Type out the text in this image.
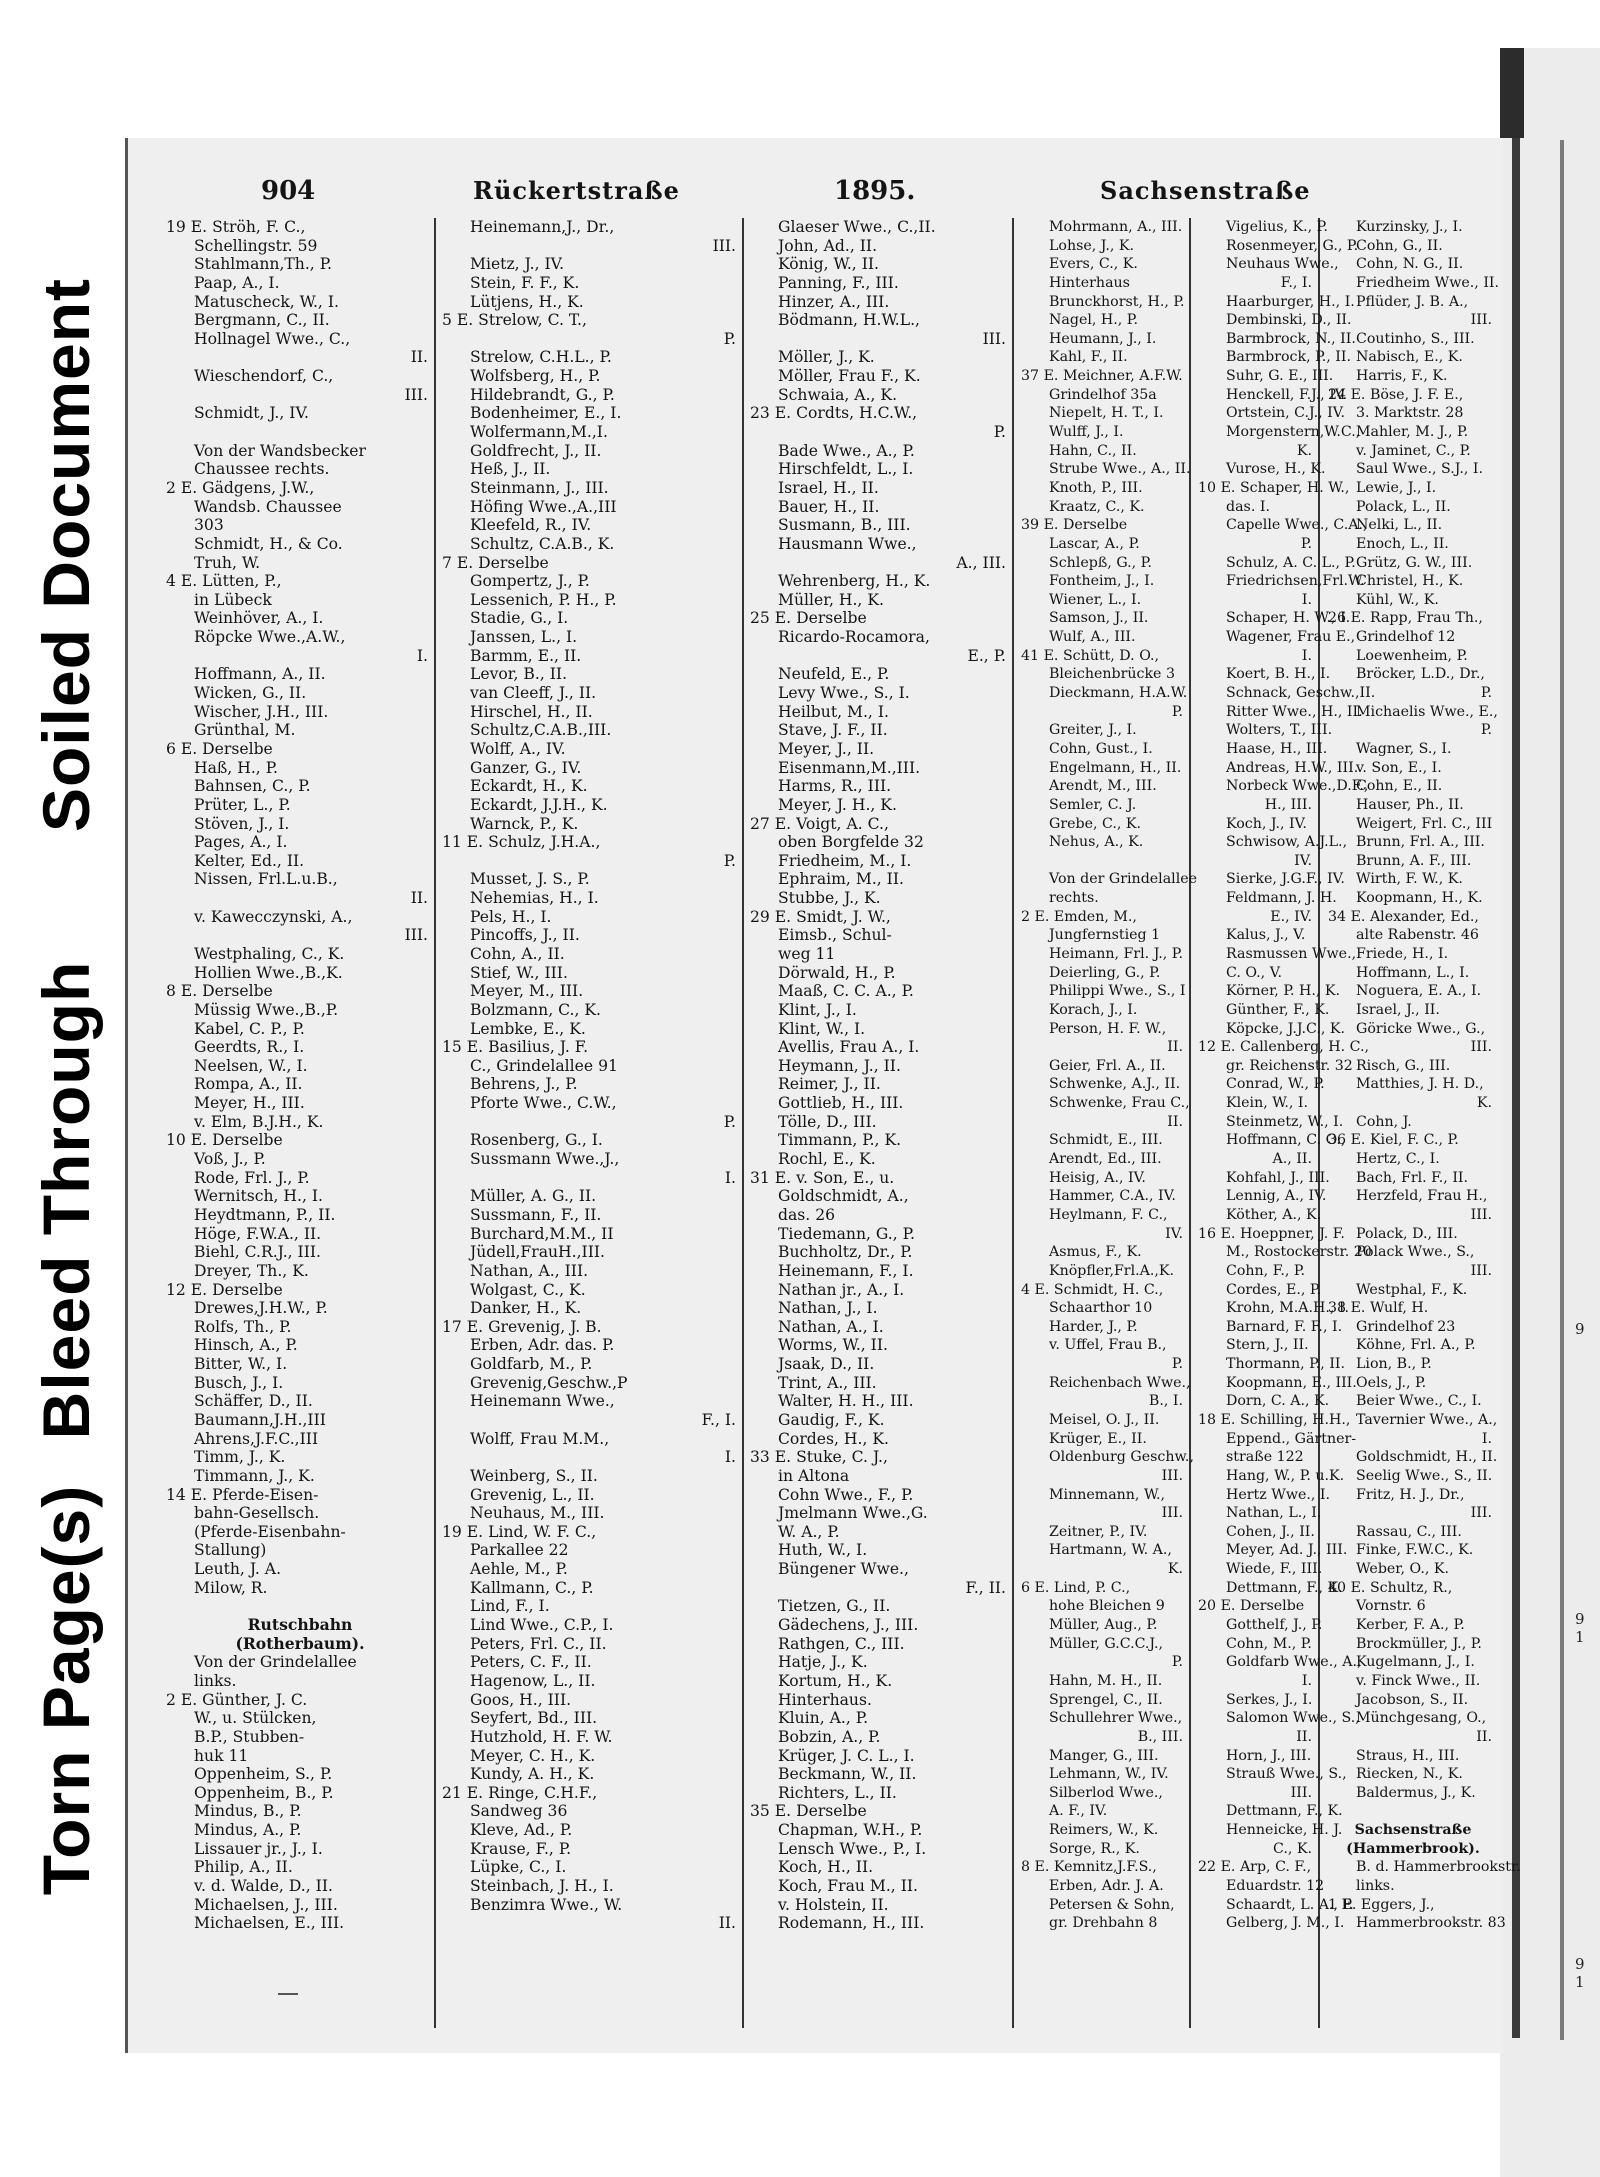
Soiled Document
Bleed Through
Torn Page(s)
9
9
1
9
1
904	Rückertstraße	1895.	Sachsenstraße
19 E. Ströh, F. C.,
Schellingstr. 59
Stahlmann,Th., P.
Paap, A., I.
Matuscheck, W., I.
Bergmann, C., II.
Hollnagel Wwe., C.,
II.
Wieschendorf, C.,
III.
Schmidt, J., IV.
Von der Wandsbecker
Chaussee rechts.
2 E. Gädgens, J.W.,
Wandsb. Chaussee
303
Schmidt, H., & Co.
Truh, W.
4 E. Lütten, P.,
in Lübeck
Weinhöver, A., I.
Röpcke Wwe.,A.W.,
I.
Hoffmann, A., II.
Wicken, G., II.
Wischer, J.H., III.
Grünthal, M.
6 E. Derselbe
Haß, H., P.
Bahnsen, C., P.
Prüter, L., P.
Stöven, J., I.
Pages, A., I.
Kelter, Ed., II.
Nissen, Frl.L.u.B.,
II.
v. Kawecczynski, A.,
III.
Westphaling, C., K.
Hollien Wwe.,B.,K.
8 E. Derselbe
Müssig Wwe.,B.,P.
Kabel, C. P., P.
Geerdts, R., I.
Neelsen, W., I.
Rompa, A., II.
Meyer, H., III.
v. Elm, B.J.H., K.
10 E. Derselbe
Voß, J., P.
Rode, Frl. J., P.
Wernitsch, H., I.
Heydtmann, P., II.
Höge, F.W.A., II.
Biehl, C.R.J., III.
Dreyer, Th., K.
12 E. Derselbe
Drewes,J.H.W., P.
Rolfs, Th., P.
Hinsch, A., P.
Bitter, W., I.
Busch, J., I.
Schäffer, D., II.
Baumann,J.H.,III
Ahrens,J.F.C.,III
Timm, J., K.
Timmann, J., K.
14 E. Pferde-Eisen-
bahn-Gesellsch.
(Pferde-Eisenbahn-
Stallung)
Leuth, J. A.
Milow, R.
Rutschbahn
(Rotherbaum).
Von der Grindelallee
links.
2 E. Günther, J. C.
W., u. Stülcken,
B.P., Stubben-
huk 11
Oppenheim, S., P.
Oppenheim, B., P.
Mindus, B., P.
Mindus, A., P.
Lissauer jr., J., I.
Philip, A., II.
v. d. Walde, D., II.
Michaelsen, J., III.
Michaelsen, E., III.
Heinemann,J., Dr.,
III.
Mietz, J., IV.
Stein, F. F., K.
Lütjens, H., K.
5 E. Strelow, C. T.,
P.
Strelow, C.H.L., P.
Wolfsberg, H., P.
Hildebrandt, G., P.
Bodenheimer, E., I.
Wolfermann,M.,I.
Goldfrecht, J., II.
Heß, J., II.
Steinmann, J., III.
Höfing Wwe.,A.,III
Kleefeld, R., IV.
Schultz, C.A.B., K.
7 E. Derselbe
Gompertz, J., P.
Lessenich, P. H., P.
Stadie, G., I.
Janssen, L., I.
Barmm, E., II.
Levor, B., II.
van Cleeff, J., II.
Hirschel, H., II.
Schultz,C.A.B.,III.
Wolff, A., IV.
Ganzer, G., IV.
Eckardt, H., K.
Eckardt, J.J.H., K.
Warnck, P., K.
11 E. Schulz, J.H.A.,
P.
Musset, J. S., P.
Nehemias, H., I.
Pels, H., I.
Pincoffs, J., II.
Cohn, A., II.
Stief, W., III.
Meyer, M., III.
Bolzmann, C., K.
Lembke, E., K.
15 E. Basilius, J. F.
C., Grindelallee 91
Behrens, J., P.
Pforte Wwe., C.W.,
P.
Rosenberg, G., I.
Sussmann Wwe.,J.,
I.
Müller, A. G., II.
Sussmann, F., II.
Burchard,M.M., II
Jüdell,FrauH.,III.
Nathan, A., III.
Wolgast, C., K.
Danker, H., K.
17 E. Grevenig, J. B.
Erben, Adr. das. P.
Goldfarb, M., P.
Grevenig,Geschw.,P
Heinemann Wwe.,
F., I.
Wolff, Frau M.M.,
I.
Weinberg, S., II.
Grevenig, L., II.
Neuhaus, M., III.
19 E. Lind, W. F. C.,
Parkallee 22
Aehle, M., P.
Kallmann, C., P.
Lind, F., I.
Lind Wwe., C.P., I.
Peters, Frl. C., II.
Peters, C. F., II.
Hagenow, L., II.
Goos, H., III.
Seyfert, Bd., III.
Hutzhold, H. F. W.
Meyer, C. H., K.
Kundy, A. H., K.
21 E. Ringe, C.H.F.,
Sandweg 36
Kleve, Ad., P.
Krause, F., P.
Lüpke, C., I.
Steinbach, J. H., I.
Benzimra Wwe., W.
II.
Glaeser Wwe., C.,II.
John, Ad., II.
König, W., II.
Panning, F., III.
Hinzer, A., III.
Bödmann, H.W.L.,
III.
Möller, J., K.
Möller, Frau F., K.
Schwaia, A., K.
23 E. Cordts, H.C.W.,
P.
Bade Wwe., A., P.
Hirschfeldt, L., I.
Israel, H., II.
Bauer, H., II.
Susmann, B., III.
Hausmann Wwe.,
A., III.
Wehrenberg, H., K.
Müller, H., K.
25 E. Derselbe
Ricardo-Rocamora,
E., P.
Neufeld, E., P.
Levy Wwe., S., I.
Heilbut, M., I.
Stave, J. F., II.
Meyer, J., II.
Eisenmann,M.,III.
Harms, R., III.
Meyer, J. H., K.
27 E. Voigt, A. C.,
oben Borgfelde 32
Friedheim, M., I.
Ephraim, M., II.
Stubbe, J., K.
29 E. Smidt, J. W.,
Eimsb., Schul-
weg 11
Dörwald, H., P.
Maaß, C. C. A., P.
Klint, J., I.
Klint, W., I.
Avellis, Frau A., I.
Heymann, J., II.
Reimer, J., II.
Gottlieb, H., III.
Tölle, D., III.
Timmann, P., K.
Rochl, E., K.
31 E. v. Son, E., u.
Goldschmidt, A.,
das. 26
Tiedemann, G., P.
Buchholtz, Dr., P.
Heinemann, F., I.
Nathan jr., A., I.
Nathan, J., I.
Nathan, A., I.
Worms, W., II.
Jsaak, D., II.
Trint, A., III.
Walter, H. H., III.
Gaudig, F., K.
Cordes, H., K.
33 E. Stuke, C. J.,
in Altona
Cohn Wwe., F., P.
Jmelmann Wwe.,G.
W. A., P.
Huth, W., I.
Büngener Wwe.,
F., II.
Tietzen, G., II.
Gädechens, J., III.
Rathgen, C., III.
Hatje, J., K.
Kortum, H., K.
Hinterhaus.
Kluin, A., P.
Bobzin, A., P.
Krüger, J. C. L., I.
Beckmann, W., II.
Richters, L., II.
35 E. Derselbe
Chapman, W.H., P.
Lensch Wwe., P., I.
Koch, H., II.
Koch, Frau M., II.
v. Holstein, II.
Rodemann, H., III.
Mohrmann, A., III.
Lohse, J., K.
Evers, C., K.
Hinterhaus
Brunckhorst, H., P.
Nagel, H., P.
Heumann, J., I.
Kahl, F., II.
37 E. Meichner, A.F.W.
Grindelhof 35a
Niepelt, H. T., I.
Wulff, J., I.
Hahn, C., II.
Strube Wwe., A., II.
Knoth, P., III.
Kraatz, C., K.
39 E. Derselbe
Lascar, A., P.
Schlepß, G., P.
Fontheim, J., I.
Wiener, L., I.
Samson, J., II.
Wulf, A., III.
41 E. Schütt, D. O.,
Bleichenbrücke 3
Dieckmann, H.A.W.
P.
Greiter, J., I.
Cohn, Gust., I.
Engelmann, H., II.
Arendt, M., III.
Semler, C. J.
Grebe, C., K.
Nehus, A., K.
Von der Grindelallee
rechts.
2 E. Emden, M.,
Jungfernstieg 1
Heimann, Frl. J., P.
Deierling, G., P.
Philippi Wwe., S., I
Korach, J., I.
Person, H. F. W.,
II.
Geier, Frl. A., II.
Schwenke, A.J., II.
Schwenke, Frau C.,
II.
Schmidt, E., III.
Arendt, Ed., III.
Heisig, A., IV.
Hammer, C.A., IV.
Heylmann, F. C.,
IV.
Asmus, F., K.
Knöpfler,Frl.A.,K.
4 E. Schmidt, H. C.,
Schaarthor 10
Harder, J., P.
v. Uffel, Frau B.,
P.
Reichenbach Wwe.,
B., I.
Meisel, O. J., II.
Krüger, E., II.
Oldenburg Geschw.,
III.
Minnemann, W.,
III.
Zeitner, P., IV.
Hartmann, W. A.,
K.
6 E. Lind, P. C.,
hohe Bleichen 9
Müller, Aug., P.
Müller, G.C.C.J.,
P.
Hahn, M. H., II.
Sprengel, C., II.
Schullehrer Wwe.,
B., III.
Manger, G., III.
Lehmann, W., IV.
Silberlod Wwe.,
A. F., IV.
Reimers, W., K.
Sorge, R., K.
8 E. Kemnitz,J.F.S.,
Erben, Adr. J. A.
Petersen & Sohn,
gr. Drehbahn 8
Vigelius, K., P.
Rosenmeyer, G., P.
Neuhaus Wwe.,
F., I.
Haarburger, H., I.
Dembinski, D., II.
Barmbrock, N., II.
Barmbrock, P., II.
Suhr, G. E., III.
Henckell, F.J., IV.
Ortstein, C.J., IV.
Morgenstern,W.C.,
K.
Vurose, H., K.
10 E. Schaper, H. W.,
das. I.
Capelle Wwe., C.A.,
P.
Schulz, A. C. L., P.
Friedrichsen,Frl.W.
I.
Schaper, H. W., I.
Wagener, Frau E.,
I.
Koert, B. H., I.
Schnack, Geschw.,II.
Ritter Wwe., H., II.
Wolters, T., III.
Haase, H., III.
Andreas, H.W., III.
Norbeck Wwe.,D.F.,
H., III.
Koch, J., IV.
Schwisow, A.J.L.,
IV.
Sierke, J.G.F., IV.
Feldmann, J. H.
E., IV.
Kalus, J., V.
Rasmussen Wwe.,
C. O., V.
Körner, P. H., K.
Günther, F., K.
Köpcke, J.J.C., K.
12 E. Callenberg, H. C.,
gr. Reichenstr. 32
Conrad, W., P.
Klein, W., I.
Steinmetz, W., I.
Hoffmann, C. O.,
A., II.
Kohfahl, J., III.
Lennig, A., IV.
Köther, A., K.
16 E. Hoeppner, J. F.
M., Rostockerstr. 20
Cohn, F., P.
Cordes, E., P.
Krohn, M.A.H., I.
Barnard, F. F., I.
Stern, J., II.
Thormann, P., II.
Koopmann, E., III.
Dorn, C. A., K.
18 E. Schilling, H.H.,
Eppend., Gärtner-
straße 122
Hang, W., P. u.K.
Hertz Wwe., I.
Nathan, L., I.
Cohen, J., II.
Meyer, Ad. J., III.
Wiede, F., III.
Dettmann, F., K.
20 E. Derselbe
Gotthelf, J., P.
Cohn, M., P.
Goldfarb Wwe., A.,
I.
Serkes, J., I.
Salomon Wwe., S.,
II.
Horn, J., III.
Strauß Wwe., S.,
III.
Dettmann, F., K.
Henneicke, H. J.
C., K.
22 E. Arp, C. F.,
Eduardstr. 12
Schaardt, L. A., P.
Gelberg, J. M., I.
Kurzinsky, J., I.
Cohn, G., II.
Cohn, N. G., II.
Friedheim Wwe., II.
Pflüder, J. B. A.,
III.
Coutinho, S., III.
Nabisch, E., K.
Harris, F., K.
24 E. Böse, J. F. E.,
3. Marktstr. 28
Mahler, M. J., P.
v. Jaminet, C., P.
Saul Wwe., S.J., I.
Lewie, J., I.
Polack, L., II.
Nelki, L., II.
Enoch, L., II.
Grütz, G. W., III.
Christel, H., K.
Kühl, W., K.
26 E. Rapp, Frau Th.,
Grindelhof 12
Loewenheim, P.
Bröcker, L.D., Dr.,
P.
Michaelis Wwe., E.,
P.
Wagner, S., I.
v. Son, E., I.
Cohn, E., II.
Hauser, Ph., II.
Weigert, Frl. C., III
Brunn, Frl. A., III.
Brunn, A. F., III.
Wirth, F. W., K.
Koopmann, H., K.
34 E. Alexander, Ed.,
alte Rabenstr. 46
Friede, H., I.
Hoffmann, L., I.
Noguera, E. A., I.
Israel, J., II.
Göricke Wwe., G.,
III.
Risch, G., III.
Matthies, J. H. D.,
K.
Cohn, J.
36 E. Kiel, F. C., P.
Hertz, C., I.
Bach, Frl. F., II.
Herzfeld, Frau H.,
III.
Polack, D., III.
Polack Wwe., S.,
III.
Westphal, F., K.
38 E. Wulf, H.
Grindelhof 23
Köhne, Frl. A., P.
Lion, B., P.
Oels, J., P.
Beier Wwe., C., I.
Tavernier Wwe., A.,
I.
Goldschmidt, H., II.
Seelig Wwe., S., II.
Fritz, H. J., Dr.,
III.
Rassau, C., III.
Finke, F.W.C., K.
Weber, O., K.
40 E. Schultz, R.,
Vornstr. 6
Kerber, F. A., P.
Brockmüller, J., P.
Kugelmann, J., I.
v. Finck Wwe., II.
Jacobson, S., II.
Münchgesang, O.,
II.
Straus, H., III.
Riecken, N., K.
Baldermus, J., K.
Sachsenstraße
(Hammerbrook).
B. d. Hammerbrookstr.
links.
1 E. Eggers, J.,
Hammerbrookstr. 83
